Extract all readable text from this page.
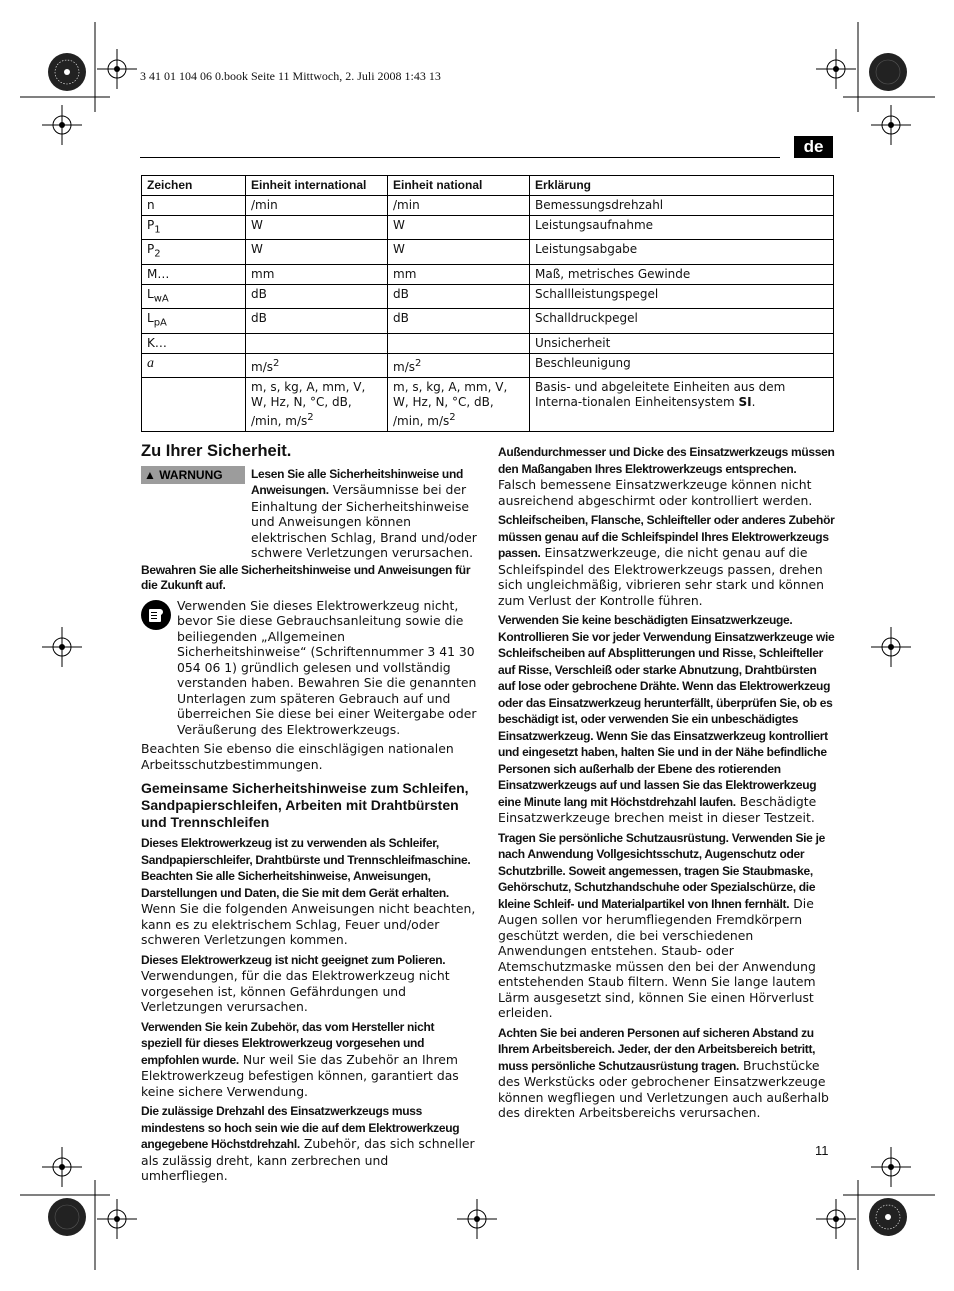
3 41 01 104 06 0.book Seite 11 Mittwoch, 2. Juli 2008 1:43 13
de
Zeichen	Einheit international	Einheit national	Erklärung
n	/min	/min	Bemessungsdrehzahl
$P_1$	W	W	Leistungsaufnahme
$P_2$	W	W	Leistungsabgabe
M…	mm	mm	Maß, metrisches Gewinde
$L_{wA}$	dB	dB	Schallleistungspegel
$L_{pA}$	dB	dB	Schalldruckpegel
K…			Unsicherheit
a	$m/s^2$	$m/s^2$	Beschleunigung
	m, s, kg, A, mm, V, W, Hz, N, °C, dB, /min, $m/s^2$	m, s, kg, A, mm, V, W, Hz, N, °C, dB, /min, $m/s^2$	Basis- und abgeleitete Einheiten aus dem Interna-tionalen Einheitensystem SI.
Zu Ihrer Sicherheit.
▲ WARNUNG	Lesen Sie alle Sicherheitshinweise und Anweisungen. Versäumnisse bei der Einhaltung der Sicherheitshinweise und Anweisungen können elektrischen Schlag, Brand und/oder schwere Verletzungen verursachen.

Bewahren Sie alle Sicherheitshinweise und Anweisungen für die Zukunft auf.

Verwenden Sie dieses Elektrowerkzeug nicht, bevor Sie diese Gebrauchsanleitung sowie die beiliegenden „Allgemeinen Sicherheitshinweise“ (Schriftennummer 3 41 30 054 06 1) gründlich gelesen und vollständig verstanden haben. Bewahren Sie die genannten Unterlagen zum späteren Gebrauch auf und überreichen Sie diese bei einer Weitergabe oder Veräußerung des Elektrowerkzeugs.

Beachten Sie ebenso die einschlägigen nationalen Arbeitsschutzbestimmungen.

Gemeinsame Sicherheitshinweise zum Schleifen, Sandpapierschleifen, Arbeiten mit Drahtbürsten und Trennschleifen

Dieses Elektrowerkzeug ist zu verwenden als Schleifer, Sandpapierschleifer, Drahtbürste und Trennschleifmaschine. Beachten Sie alle Sicherheitshinweise, Anweisungen, Darstellungen und Daten, die Sie mit dem Gerät erhalten. Wenn Sie die folgenden Anweisungen nicht beachten, kann es zu elektrischem Schlag, Feuer und/oder schweren Verletzungen kommen.

Dieses Elektrowerkzeug ist nicht geeignet zum Polieren. Verwendungen, für die das Elektrowerkzeug nicht vorgesehen ist, können Gefährdungen und Verletzungen verursachen.

Verwenden Sie kein Zubehör, das vom Hersteller nicht speziell für dieses Elektrowerkzeug vorgesehen und empfohlen wurde. Nur weil Sie das Zubehör an Ihrem Elektrowerkzeug befestigen können, garantiert das keine sichere Verwendung.

Die zulässige Drehzahl des Einsatzwerkzeugs muss mindestens so hoch sein wie die auf dem Elektrowerkzeug angegebene Höchstdrehzahl. Zubehör, das sich schneller als zulässig dreht, kann zerbrechen und umherfliegen.

Außendurchmesser und Dicke des Einsatzwerkzeugs müssen den Maßangaben Ihres Elektrowerkzeugs entsprechen. Falsch bemessene Einsatzwerkzeuge können nicht ausreichend abgeschirmt oder kontrolliert werden.

Schleifscheiben, Flansche, Schleifteller oder anderes Zubehör müssen genau auf die Schleifspindel Ihres Elektrowerkzeugs passen. Einsatzwerkzeuge, die nicht genau auf die Schleifspindel des Elektrowerkzeugs passen, drehen sich ungleichmäßig, vibrieren sehr stark und können zum Verlust der Kontrolle führen.

Verwenden Sie keine beschädigten Einsatzwerkzeuge. Kontrollieren Sie vor jeder Verwendung Einsatzwerkzeuge wie Schleifscheiben auf Absplitterungen und Risse, Schleifteller auf Risse, Verschleiß oder starke Abnutzung, Drahtbürsten auf lose oder gebrochene Drähte. Wenn das Elektrowerkzeug oder das Einsatzwerkzeug herunterfällt, überprüfen Sie, ob es beschädigt ist, oder verwenden Sie ein unbeschädigtes Einsatzwerkzeug. Wenn Sie das Einsatzwerkzeug kontrolliert und eingesetzt haben, halten Sie und in der Nähe befindliche Personen sich außerhalb der Ebene des rotierenden Einsatzwerkzeugs auf und lassen Sie das Elektrowerkzeug eine Minute lang mit Höchstdrehzahl laufen. Beschädigte Einsatzwerkzeuge brechen meist in dieser Testzeit.

Tragen Sie persönliche Schutzausrüstung. Verwenden Sie je nach Anwendung Vollgesichtsschutz, Augenschutz oder Schutzbrille. Soweit angemessen, tragen Sie Staubmaske, Gehörschutz, Schutzhandschuhe oder Spezialschürze, die kleine Schleif- und Materialpartikel von Ihnen fernhält. Die Augen sollen vor herumfliegenden Fremdkörpern geschützt werden, die bei verschiedenen Anwendungen entstehen. Staub- oder Atemschutzmaske müssen den bei der Anwendung entstehenden Staub filtern. Wenn Sie lange lautem Lärm ausgesetzt sind, können Sie einen Hörverlust erleiden.

Achten Sie bei anderen Personen auf sicheren Abstand zu Ihrem Arbeitsbereich. Jeder, der den Arbeitsbereich betritt, muss persönliche Schutzausrüstung tragen. Bruchstücke des Werkstücks oder gebrochener Einsatzwerkzeuge können wegfliegen und Verletzungen auch außerhalb des direkten Arbeitsbereichs verursachen.

11
